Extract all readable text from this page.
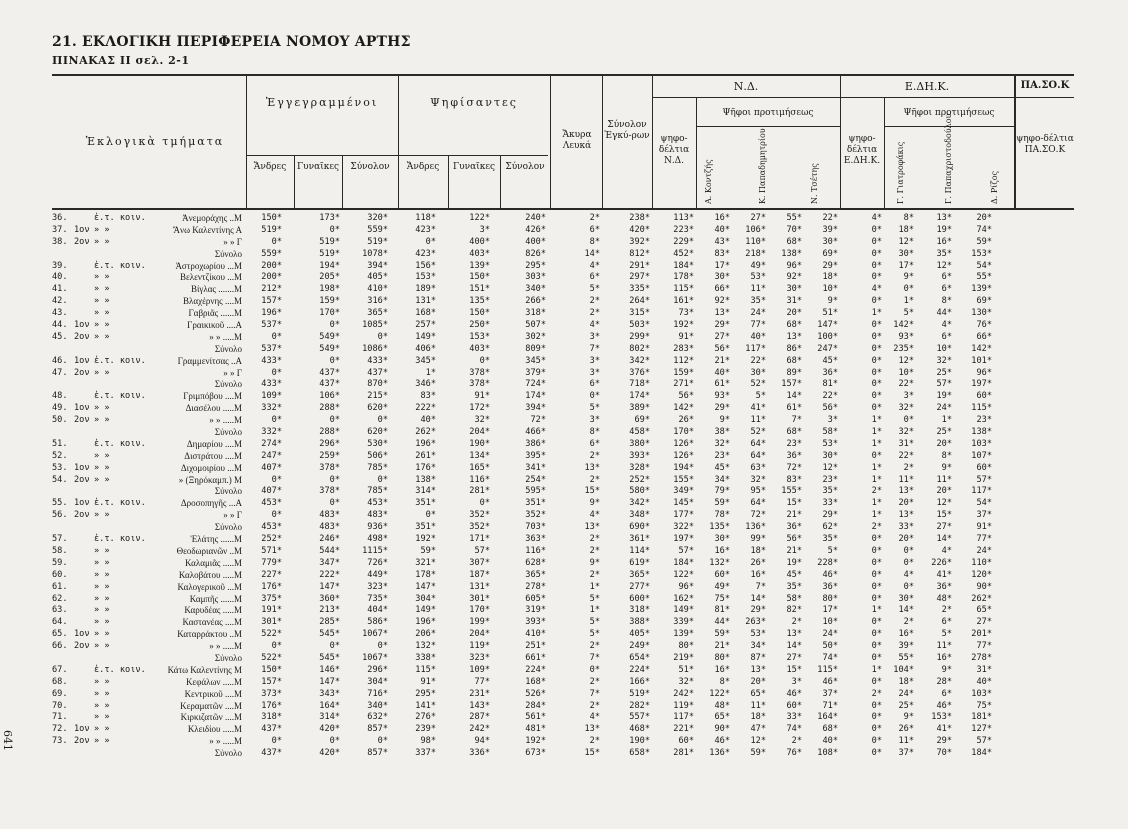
21. ΕΚΛΟΓΙΚΗ ΠΕΡΙΦΕΡΕΙΑ ΝΟΜΟΥ ΑΡΤΗΣ
ΠΙΝΑΚΑΣ ΙΙ σελ. 2-1
641
Ἐκλογικὰ τμήματα
Ἐγγεγραμμένοι	Ψηφίσαντες
Ἄκυρα Λευκά
Σύνολον Ἐγκύ-ρων
Ἄνδρες	Γυναῖκες	Σύνολον	Ἄνδρες	Γυναῖκες	Σύνολον
Ν.Δ.	Ε.ΔΗ.Κ.	ΠΑ.ΣΟ.Κ
Ψῆφοι προτιμήσεως	Ψῆφοι προτιμήσεως
ψηφο-δέλτια Ν.Δ.
ψηφο-δέλτια Ε.ΔΗ.Κ.
ψηφο-δέλτια ΠΑ.ΣΟ.Κ
Α. Κοντζής	Κ. Παπαδημητρίου	Ν. Τσέτης	Γ. Γιατροφάκις	Γ. Παπαχριστοδούλου	Δ. Ρίζος
36.	ἐ.τ. κοιν.	Ἀνεμοράχης ..Μ	150*	173*	320*	118*	122*	240*	2*	238*	113*	16*	27*	55*	22*	4*	8*	13*	20*
37. 1ον » »	Ἄνω Καλεντίνης Α	519*	0*	559*	423*	3*	426*	6*	420*	223*	40*	106*	70*	39*	0*	18*	19*	74*
38. 2ον » »	» » Γ	0*	519*	519*	0*	400*	400*	8*	392*	229*	43*	110*	68*	30*	0*	12*	16*	59*
Σύνολο	559*	519*	1078*	423*	403*	826*	14*	812*	452*	83*	218*	138*	69*	0*	30*	35*	153*
39.	ἐ.τ. κοιν.	Ἀστροχωρίου ...Μ	200*	194*	394*	156*	139*	295*	4*	291*	184*	17*	49*	96*	29*	0*	17*	12*	54*
40.	» »	Βελεντζίκου ...Μ	200*	205*	405*	153*	150*	303*	6*	297*	178*	30*	53*	92*	18*	0*	9*	6*	55*
41.	» »	Βίγλας .......Μ	212*	198*	410*	189*	151*	340*	5*	335*	115*	66*	11*	30*	10*	4*	0*	6*	139*
42.	» »	Βλαχέρνης ....Μ	157*	159*	316*	131*	135*	266*	2*	264*	161*	92*	35*	31*	9*	0*	1*	8*	69*
43.	» »	Γαβριᾶς ......Μ	196*	170*	365*	168*	150*	318*	2*	315*	73*	13*	24*	20*	51*	1*	5*	44*	130*
44. 1ον » »	Γραικικοῦ ....Α	537*	0*	1085*	257*	250*	507*	4*	503*	192*	29*	77*	68*	147*	0*	142*	4*	76*
45. 2ον » »	» » .....Μ	0*	549*	0*	149*	153*	302*	3*	299*	91*	27*	40*	13*	100*	0*	93*	6*	66*
Σύνολο	537*	549*	1086*	406*	403*	809*	7*	802*	283*	56*	117*	86*	247*	0*	235*	10*	142*
46. 1ον ἐ.τ. κοιν.	Γραμμενίτσας ..Α	433*	0*	433*	345*	0*	345*	3*	342*	112*	21*	22*	68*	45*	0*	12*	32*	101*
47. 2ον » »	» » Γ	0*	437*	437*	1*	378*	379*	3*	376*	159*	40*	30*	89*	36*	0*	10*	25*	96*
Σύνολο	433*	437*	870*	346*	378*	724*	6*	718*	271*	61*	52*	157*	81*	0*	22*	57*	197*
48.	ἐ.τ. κοιν.	Γριμπόβου ....Μ	109*	106*	215*	83*	91*	174*	0*	174*	56*	93*	5*	14*	22*	0*	3*	19*	60*
49. 1ον » »	Διασέλου .....Μ	332*	288*	620*	222*	172*	394*	5*	389*	142*	29*	41*	61*	56*	0*	32*	24*	115*
50. 2ον » »	» » .....Μ	0*	0*	0*	40*	32*	72*	3*	69*	26*	9*	11*	7*	3*	1*	0*	1*	23*
Σύνολο	332*	288*	620*	262*	204*	466*	8*	458*	170*	38*	52*	68*	58*	1*	32*	25*	138*
51.	ἐ.τ. κοιν.	Δημαρίου ....Μ	274*	296*	530*	196*	190*	386*	6*	380*	126*	32*	64*	23*	53*	1*	31*	20*	103*
52.	» »	Διστράτου ....Μ	247*	259*	506*	261*	134*	395*	2*	393*	126*	23*	64*	36*	30*	0*	22*	8*	107*
53. 1ον » »	Διχομοιρίου ...Μ	407*	378*	785*	176*	165*	341*	13*	328*	194*	45*	63*	72*	12*	1*	2*	9*	60*
54. 2ον » »	» (Ξηρόκαμπ.) Μ	0*	0*	0*	138*	116*	254*	2*	252*	155*	34*	32*	83*	23*	1*	11*	11*	57*
Σύνολο	407*	378*	785*	314*	281*	595*	15*	580*	349*	79*	95*	155*	35*	2*	13*	20*	117*
55. 1ον ἐ.τ. κοιν.	Δροσοπηγῆς ...Α	453*	0*	453*	351*	0*	351*	9*	342*	145*	59*	64*	15*	33*	1*	20*	12*	54*
56. 2ον » »	» » Γ	0*	483*	483*	0*	352*	352*	4*	348*	177*	78*	72*	21*	29*	1*	13*	15*	37*
Σύνολο	453*	483*	936*	351*	352*	703*	13*	690*	322*	135*	136*	36*	62*	2*	33*	27*	91*
57.	ἐ.τ. κοιν.	Ἐλάτης ......Μ	252*	246*	498*	192*	171*	363*	2*	361*	197*	30*	99*	56*	35*	0*	20*	14*	77*
58.	» »	Θεοδωριανῶν ..Μ	571*	544*	1115*	59*	57*	116*	2*	114*	57*	16*	18*	21*	5*	0*	0*	4*	24*
59.	» »	Καλαμιᾶς .....Μ	779*	347*	726*	321*	307*	628*	9*	619*	184*	132*	26*	19*	228*	0*	0*	226*	110*
60.	» »	Καλοβάτου .....Μ	227*	222*	449*	178*	187*	365*	2*	365*	122*	60*	16*	45*	46*	0*	4*	41*	120*
61.	» »	Καλογερικοῦ ...Μ	176*	147*	323*	147*	131*	278*	1*	277*	96*	49*	7*	35*	36*	0*	0*	36*	90*
62.	» »	Καμπῆς ......Μ	375*	360*	735*	304*	301*	605*	5*	600*	162*	75*	14*	58*	80*	0*	30*	48*	262*
63.	» »	Καρυδέας .....Μ	191*	213*	404*	149*	170*	319*	1*	318*	149*	81*	29*	82*	17*	1*	14*	2*	65*
64.	» »	Καστανέας ....Μ	301*	285*	586*	196*	199*	393*	5*	388*	339*	44*	263*	2*	10*	0*	2*	6*	27*
65. 1ον » »	Καταρράκτου ..Μ	522*	545*	1067*	206*	204*	410*	5*	405*	139*	59*	53*	13*	24*	0*	16*	5*	201*
66. 2ον » »	» » .....Μ	0*	0*	0*	132*	119*	251*	2*	249*	80*	21*	34*	14*	50*	0*	39*	11*	77*
Σύνολο	522*	545*	1067*	338*	323*	661*	7*	654*	219*	80*	87*	27*	74*	0*	55*	16*	278*
67.	ἐ.τ. κοιν.	Κάτω Καλεντίνης Μ	150*	146*	296*	115*	109*	224*	0*	224*	51*	16*	13*	15*	115*	1*	104*	9*	31*
68.	» »	Κεφάλων .....Μ	157*	147*	304*	91*	77*	168*	2*	166*	32*	8*	20*	3*	46*	0*	18*	28*	40*
69.	» »	Κεντρικοῦ ....Μ	373*	343*	716*	295*	231*	526*	7*	519*	242*	122*	65*	46*	37*	2*	24*	6*	103*
70.	» »	Κεραματῶν ....Μ	176*	164*	340*	141*	143*	284*	2*	282*	119*	48*	11*	60*	71*	0*	25*	46*	75*
71.	» »	Κιρκιζατῶν ....Μ	318*	314*	632*	276*	287*	561*	4*	557*	117*	65*	18*	33*	164*	0*	9*	153*	181*
72. 1ον » »	Κλειδίου .....Μ	437*	420*	857*	239*	242*	481*	13*	468*	221*	90*	47*	74*	68*	0*	26*	41*	127*
73. 2ον » »	» » .....Μ	0*	0*	0*	98*	94*	192*	2*	190*	60*	46*	12*	2*	40*	0*	11*	29*	57*
Σύνολο	437*	420*	857*	337*	336*	673*	15*	658*	281*	136*	59*	76*	108*	0*	37*	70*	184*
